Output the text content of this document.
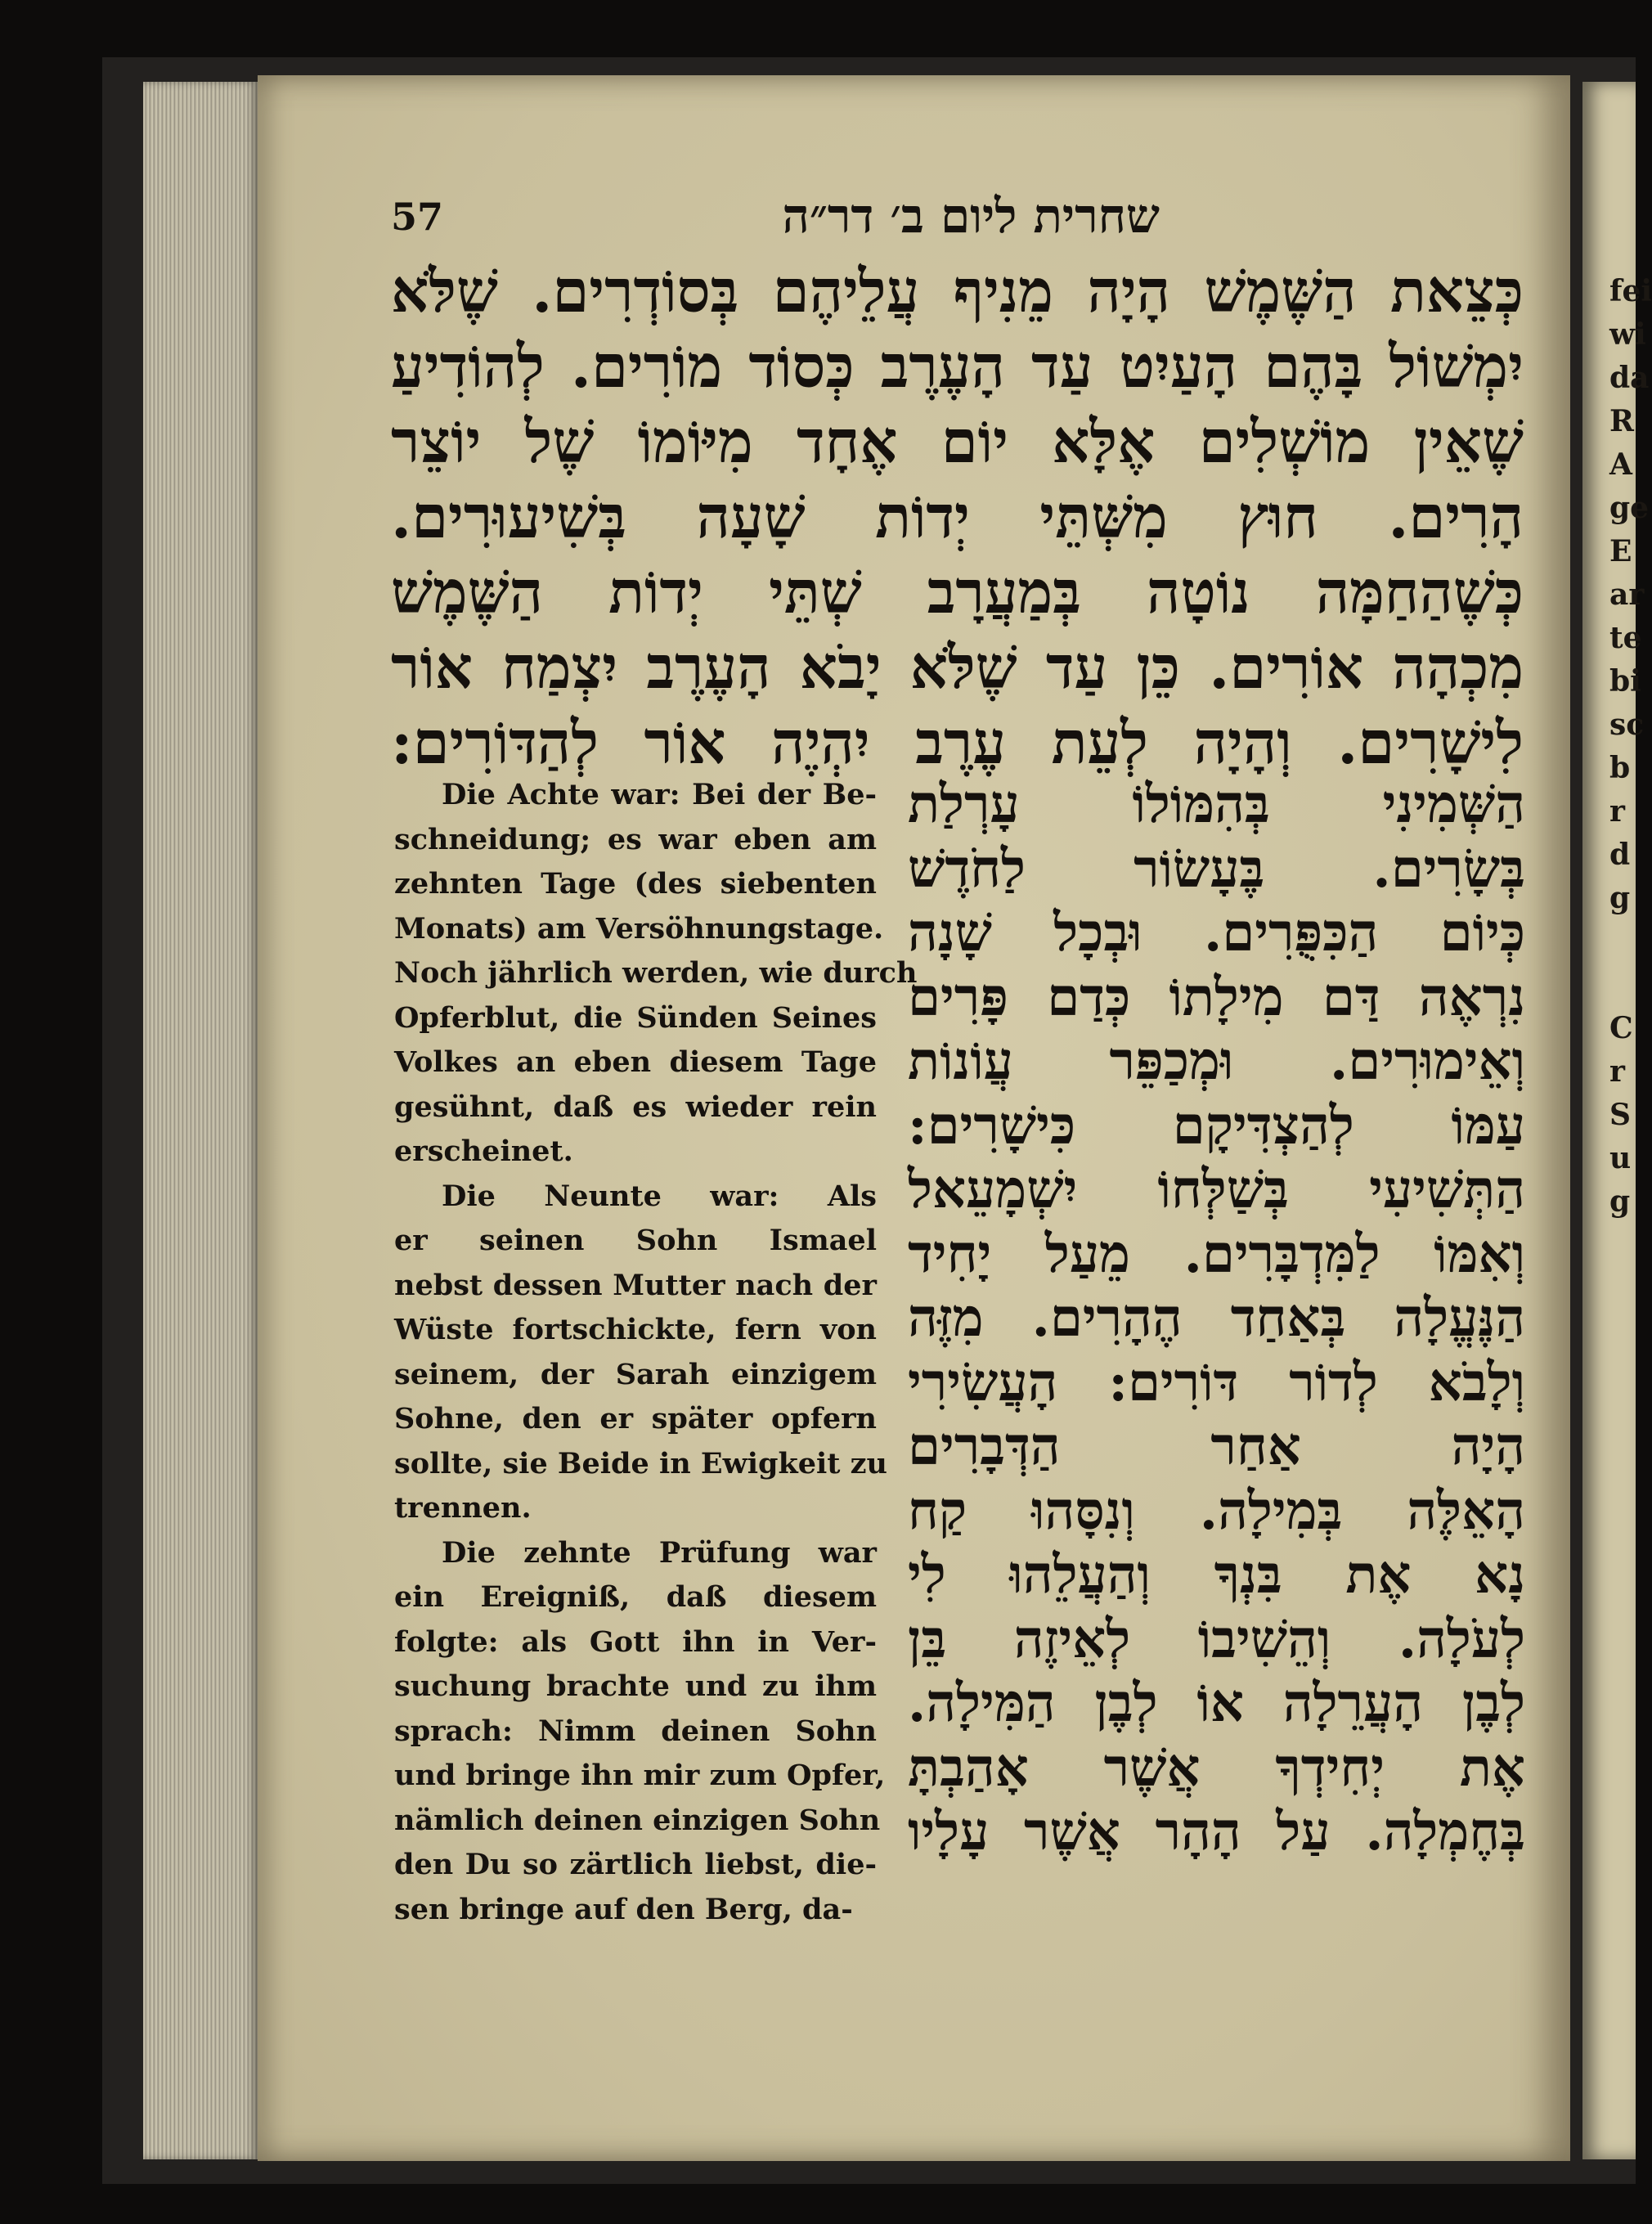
fei
wi
da
R
A
ge
E
ar
te
bi
sc
b
r
d
g
C
r
S
u
g
57	שחרית ליום ב׳ דר״ה
כְּצֵאת הַשֶּׁמֶשׁ הָיָה מֵנִיף עֲלֵיהֶם בְּסוֹדְרִים. שֶׁלֹּא
יִמְשׁוֹל בָּהֶם הָעַיִט עַד הָעֶרֶב כְּסוֹד מוֹרִים. לְהוֹדִיעַ
שֶׁאֵין מוֹשְׁלִים אֶלָּא יוֹם אֶחָד מִיּוֹמוֹ שֶׁל יוֹצֵר
הָרִים. חוּץ מִשְּׁתֵּי יְדוֹת שָׁעָה בְּשִׁיעוּרִים.
כְּשֶׁהַחַמָּה נוֹטָה בְּמַעֲרָב שְׁתֵּי יְדוֹת הַשֶּׁמֶשׁ
מִכְהָה אוֹרִים. כֵּן עַד שֶׁלֹּא יָבֹא הָעֶרֶב יִצְמַח אוֹר
לִישָׁרִים. וְהָיָה לְעֵת עֶרֶב יִהְיֶה אוֹר לְהַדּוֹרִים:
Die Achte war: Bei der Be-
schneidung; es war eben am
zehnten Tage (des siebenten
Monats) am Versöhnungstage.
Noch jährlich werden, wie durch
Opferblut, die Sünden Seines
Volkes an eben diesem Tage
gesühnt, daß es wieder rein
erscheinet.
Die Neunte war: Als
er seinen Sohn Ismael
nebst dessen Mutter nach der
Wüste fortschickte, fern von
seinem, der Sarah einzigem
Sohne, den er später opfern
sollte, sie Beide in Ewigkeit zu
trennen.
Die zehnte Prüfung war
ein Ereigniß, daß diesem
folgte: als Gott ihn in Ver-
suchung brachte und zu ihm
sprach: Nimm deinen Sohn
und bringe ihn mir zum Opfer,
nämlich deinen einzigen Sohn
den Du so zärtlich liebst, die-
sen bringe auf den Berg, da-
הַשְּׁמִינִי בְּהִמּוֹלוֹ עָרְלַת
בְּשָׂרִים. בֶּעָשׂוֹר לַחֹדֶשׁ
כְּיוֹם הַכִּפֻּרִים. וּבְכָל שָׁנָה
נִרְאֶה דַּם מִילָתוֹ כְּדַם פָּרִים
וְאֵימוּרִים. וּמְכַפֵּר עֲוֹנוֹת
עַמּוֹ לְהַצְדִּיקָם כִּישָׁרִים:
הַתְּשִׁיעִי בְּשַׁלְּחוֹ יִשְׁמָעֵאל
וְאִמּוֹ לַמִּדְבָּרִים. מֵעַל יָחִיד
הַנֶּעֱלָה בְּאַחַד הֶהָרִים. מִזֶּה
וְלָבֹא לְדוֹר דּוֹרִים: הָעֲשִׂירִי
הָיָה אַחַר הַדְּבָרִים
הָאֵלֶּה בְּמִילָה. וְנִסָּהוּ קַח
נָא אֶת בִּנְךָ וְהַעֲלֵהוּ לִי
לְעֹלָה. וְהֵשִׁיבוֹ לְאֵיזֶה בֵּן
לְבֶן הָעֲרֵלָה אוֹ לְבֶן הַמִּילָה.
אֶת יְחִידְךָ אֲשֶׁר אָהַבְתָּ
בְּחֶמְלָה. עַל הָהָר אֲשֶׁר עָלָיו
